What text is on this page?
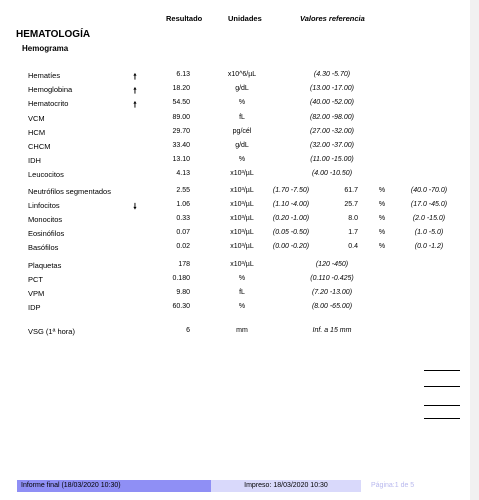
Resultado	Unidades	Valores referencia
HEMATOLOGÍA
Hemograma
Hematíes	🠕	6.13	x10^6/µL	(4.30 -5.70)
Hemoglobina	🠕	18.20	g/dL	(13.00 -17.00)
Hematocrito	🠕	54.50	%	(40.00 -52.00)
VCM	89.00	fL	(82.00 -98.00)
HCM	29.70	pg/cél	(27.00 -32.00)
CHCM	33.40	g/dL	(32.00 -37.00)
IDH	13.10	%	(11.00 -15.00)
Leucocitos	4.13	x10³/µL	(4.00 -10.50)
Neutrófilos segmentados	2.55	x10³/µL	(1.70 -7.50)	61.7	%	(40.0 -70.0)
Linfocitos	🠗	1.06	x10³/µL	(1.10 -4.00)	25.7	%	(17.0 -45.0)
Monocitos	0.33	x10³/µL	(0.20 -1.00)	8.0	%	(2.0 -15.0)
Eosinófilos	0.07	x10³/µL	(0.05 -0.50)	1.7	%	(1.0 -5.0)
Basófilos	0.02	x10³/µL	(0.00 -0.20)	0.4	%	(0.0 -1.2)
Plaquetas	178	x10³/µL	(120 -450)
PCT	0.180	%	(0.110 -0.425)
VPM	9.80	fL	(7.20 -13.00)
IDP	60.30	%	(8.00 -65.00)
VSG (1ª hora)	6	mm	Inf. a 15 mm
Informe final (18/03/2020 10:30)	Impreso: 18/03/2020 10:30	Página:1 de 5
